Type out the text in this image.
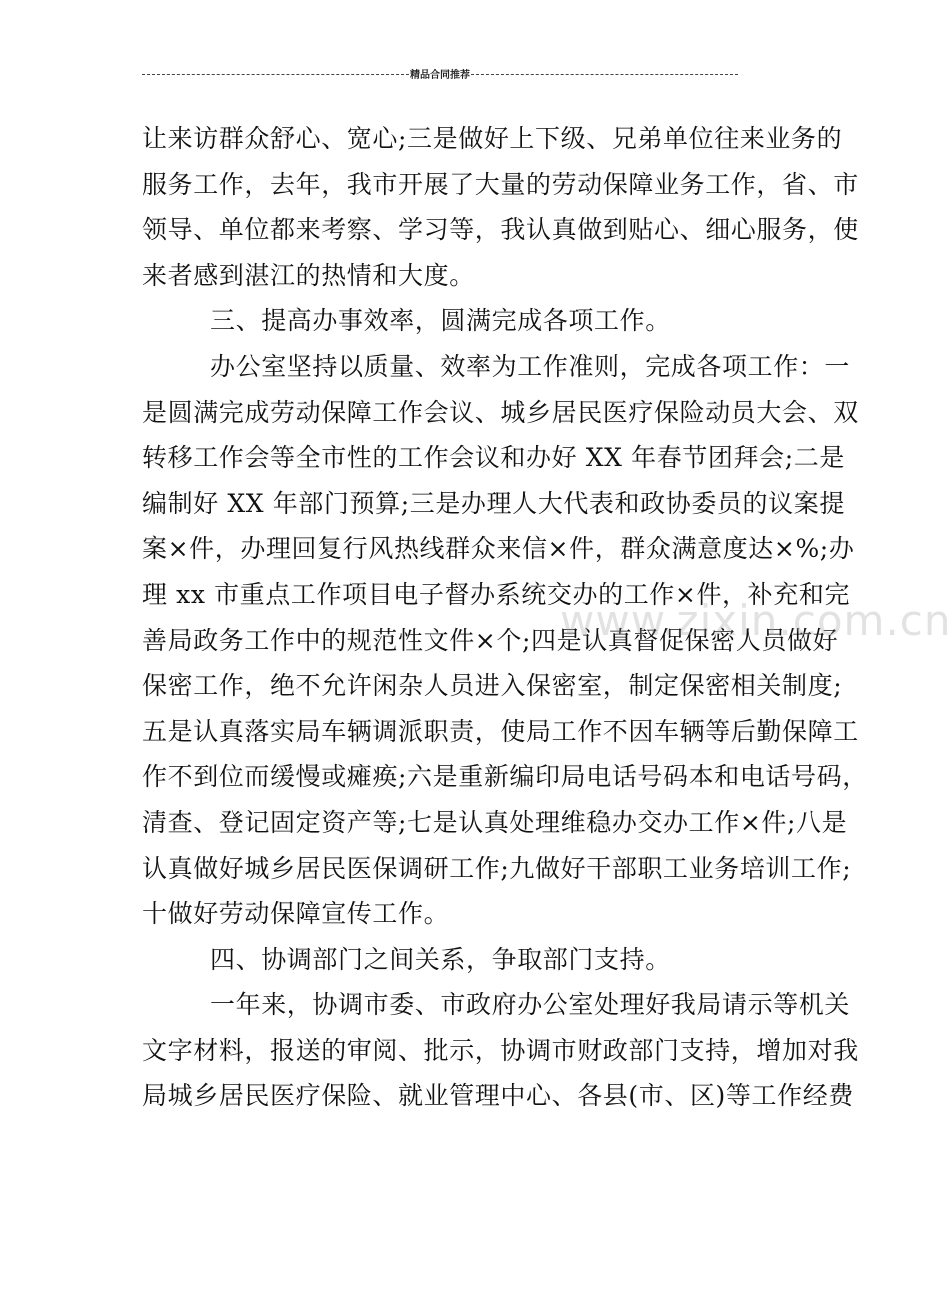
精品合同推荐
让来访群众舒心、宽心;三是做好上下级、兄弟单位往来业务的
服务工作，去年，我市开展了大量的劳动保障业务工作，省、市
领导、单位都来考察、学习等，我认真做到贴心、细心服务，使
来者感到湛江的热情和大度。
三、提高办事效率，圆满完成各项工作。
办公室坚持以质量、效率为工作准则，完成各项工作：一
是圆满完成劳动保障工作会议、城乡居民医疗保险动员大会、双
转移工作会等全市性的工作会议和办好 XX 年春节团拜会;二是
编制好 XX 年部门预算;三是办理人大代表和政协委员的议案提
案×件，办理回复行风热线群众来信×件，群众满意度达×%;办
理 xx 市重点工作项目电子督办系统交办的工作×件，补充和完
善局政务工作中的规范性文件×个;四是认真督促保密人员做好
保密工作，绝不允许闲杂人员进入保密室，制定保密相关制度;
五是认真落实局车辆调派职责，使局工作不因车辆等后勤保障工
作不到位而缓慢或瘫痪;六是重新编印局电话号码本和电话号码，
清查、登记固定资产等;七是认真处理维稳办交办工作×件;八是
认真做好城乡居民医保调研工作;九做好干部职工业务培训工作;
十做好劳动保障宣传工作。
四、协调部门之间关系，争取部门支持。
一年来，协调市委、市政府办公室处理好我局请示等机关
文字材料，报送的审阅、批示，协调市财政部门支持，增加对我
局城乡居民医疗保险、就业管理中心、各县(市、区)等工作经费
www.zixin.com.cn
